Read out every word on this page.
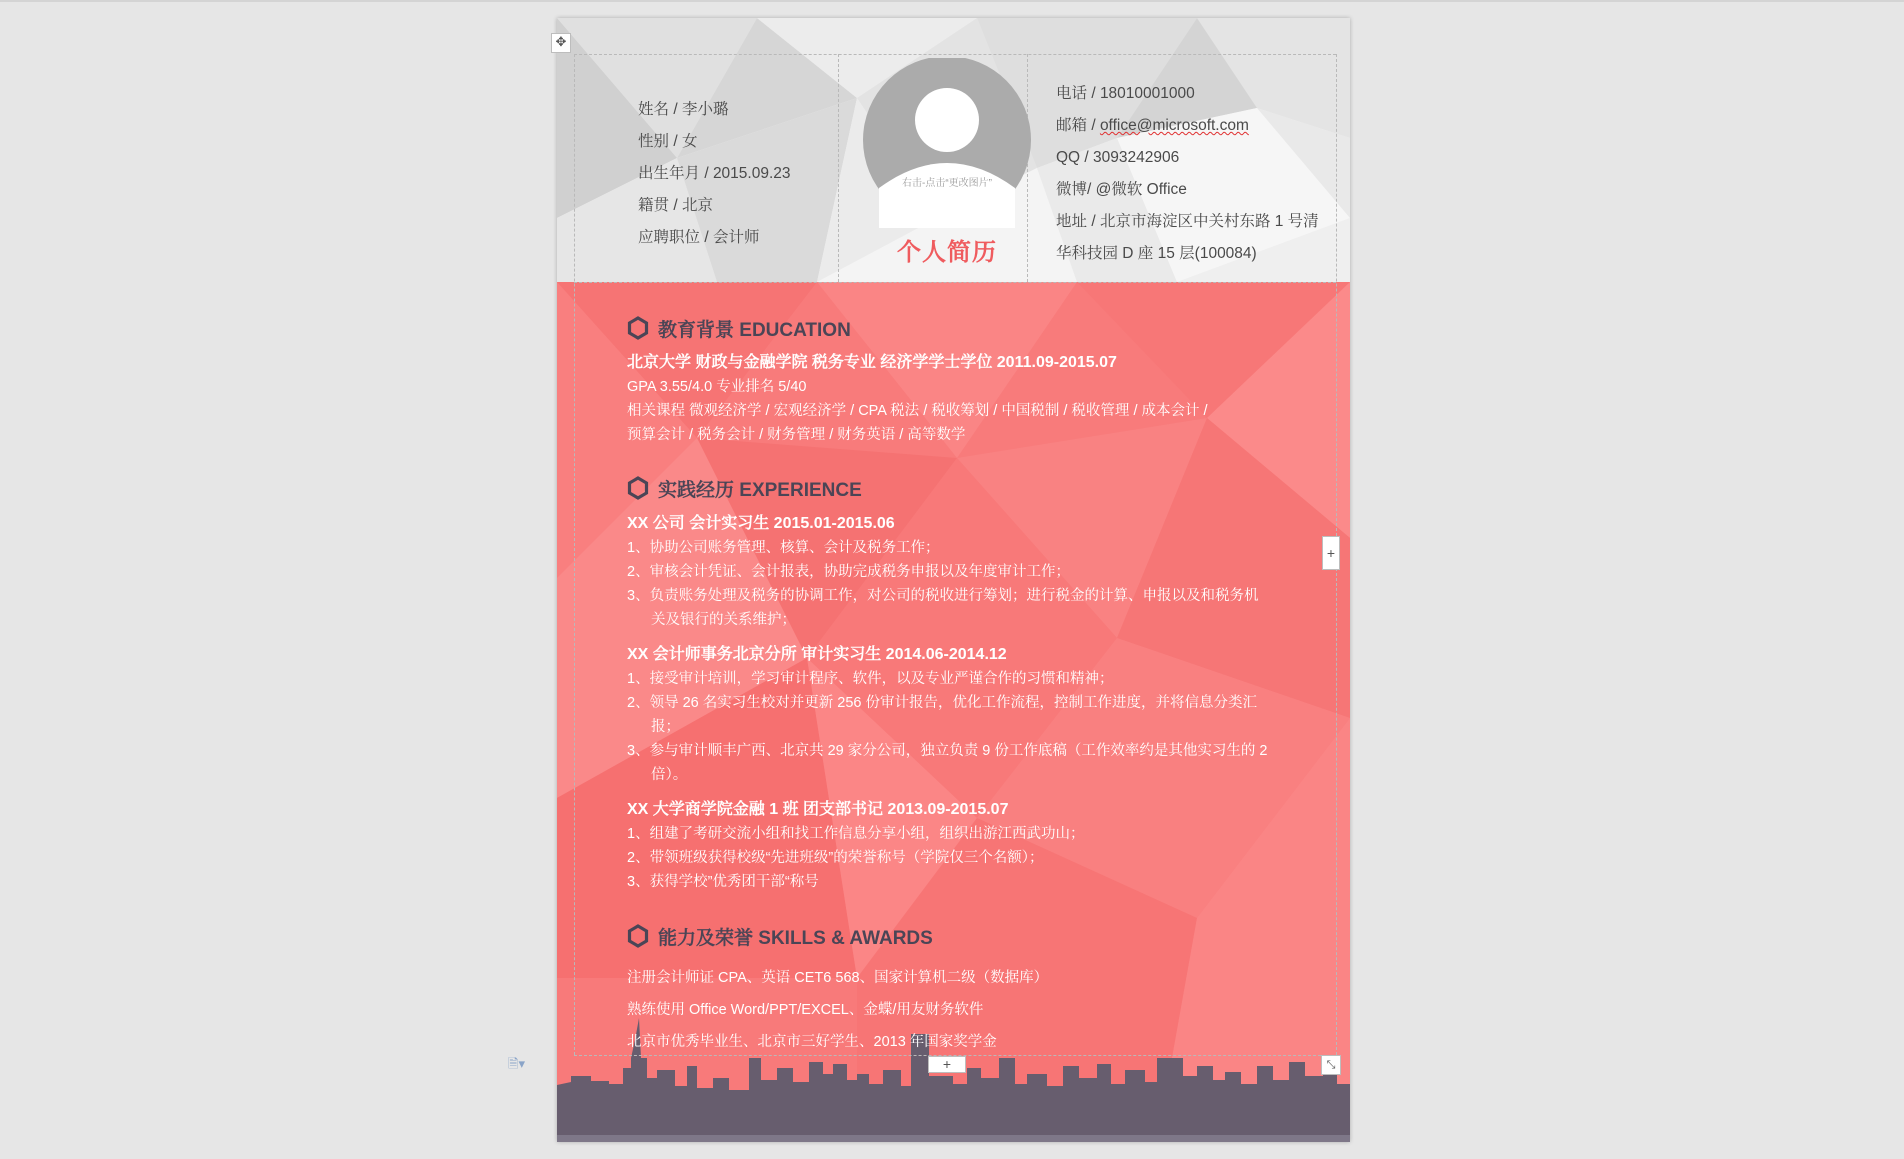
姓名 / 李小璐
性别 / 女
出生年月 / 2015.09.23
籍贯 / 北京
应聘职位 / 会计师
右击-点击“更改图片”
个人简历
电话 / 18010001000
邮箱 / office@microsoft.com
QQ / 3093242906
微博/ @微软 Office
地址 / 北京市海淀区中关村东路 1 号清
华科技园 D 座 15 层(100084)
教育背景 EDUCATION
北京大学 财政与金融学院 税务专业 经济学学士学位 2011.09-2015.07
GPA 3.55/4.0 专业排名 5/40
相关课程 微观经济学 / 宏观经济学 / CPA 税法 / 税收筹划 / 中国税制 / 税收管理 / 成本会计 /
预算会计 / 税务会计 / 财务管理 / 财务英语 / 高等数学
实践经历 EXPERIENCE
XX 公司 会计实习生 2015.01-2015.06
1、协助公司账务管理、核算、会计及税务工作；
2、审核会计凭证、会计报表，协助完成税务申报以及年度审计工作；
3、负责账务处理及税务的协调工作，对公司的税收进行筹划；进行税金的计算、申报以及和税务机
关及银行的关系维护；
XX 会计师事务北京分所 审计实习生 2014.06-2014.12
1、接受审计培训，学习审计程序、软件，以及专业严谨合作的习惯和精神；
2、领导 26 名实习生校对并更新 256 份审计报告，优化工作流程，控制工作进度，并将信息分类汇
报；
3、参与审计顺丰广西、北京共 29 家分公司，独立负责 9 份工作底稿（工作效率约是其他实习生的 2
倍）。
XX 大学商学院金融 1 班 团支部书记 2013.09-2015.07
1、组建了考研交流小组和找工作信息分享小组，组织出游江西武功山；
2、带领班级获得校级“先进班级”的荣誉称号（学院仅三个名额）；
3、获得学校”优秀团干部“称号
能力及荣誉 SKILLS & AWARDS
注册会计师证 CPA、英语 CET6 568、国家计算机二级（数据库）
熟练使用 Office Word/PPT/EXCEL、金蝶/用友财务软件
北京市优秀毕业生、北京市三好学生、2013 年国家奖学金
✥
+
+	⤡
🗎▾
